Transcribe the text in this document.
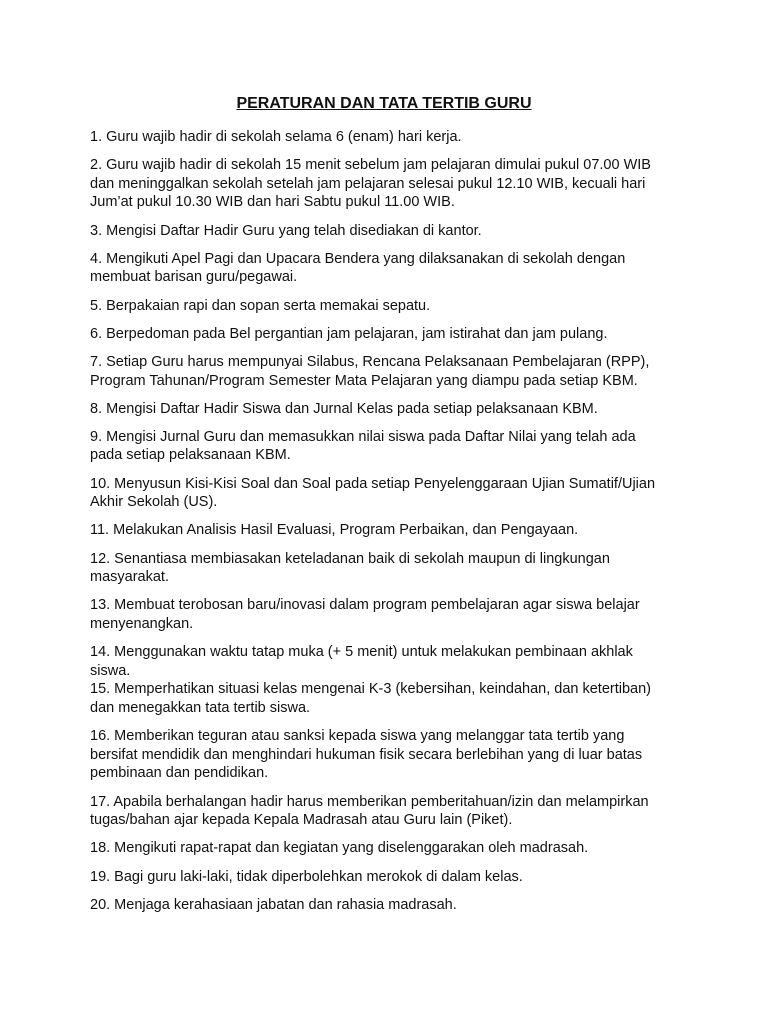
PERATURAN DAN TATA TERTIB GURU
1. Guru wajib hadir di sekolah selama 6 (enam) hari kerja.
2. Guru wajib hadir di sekolah 15 menit sebelum jam pelajaran dimulai pukul 07.00 WIB
dan meninggalkan sekolah setelah jam pelajaran selesai pukul 12.10 WIB, kecuali hari
Jum’at pukul 10.30 WIB dan hari Sabtu pukul 11.00 WIB.
3. Mengisi Daftar Hadir Guru yang telah disediakan di kantor.
4. Mengikuti Apel Pagi dan Upacara Bendera yang dilaksanakan di sekolah dengan
membuat barisan guru/pegawai.
5. Berpakaian rapi dan sopan serta memakai sepatu.
6. Berpedoman pada Bel pergantian jam pelajaran, jam istirahat dan jam pulang.
7. Setiap Guru harus mempunyai Silabus, Rencana Pelaksanaan Pembelajaran (RPP),
Program Tahunan/Program Semester Mata Pelajaran yang diampu pada setiap KBM.
8. Mengisi Daftar Hadir Siswa dan Jurnal Kelas pada setiap pelaksanaan KBM.
9. Mengisi Jurnal Guru dan memasukkan nilai siswa pada Daftar Nilai yang telah ada
pada setiap pelaksanaan KBM.
10. Menyusun Kisi-Kisi Soal dan Soal pada setiap Penyelenggaraan Ujian Sumatif/Ujian
Akhir Sekolah (US).
11. Melakukan Analisis Hasil Evaluasi, Program Perbaikan, dan Pengayaan.
12. Senantiasa membiasakan keteladanan baik di sekolah maupun di lingkungan
masyarakat.
13. Membuat terobosan baru/inovasi dalam program pembelajaran agar siswa belajar
menyenangkan.
14. Menggunakan waktu tatap muka (+ 5 menit) untuk melakukan pembinaan akhlak
siswa.
15. Memperhatikan situasi kelas mengenai K-3 (kebersihan, keindahan, dan ketertiban)
dan menegakkan tata tertib siswa.
16. Memberikan teguran atau sanksi kepada siswa yang melanggar tata tertib yang
bersifat mendidik dan menghindari hukuman fisik secara berlebihan yang di luar batas
pembinaan dan pendidikan.
17. Apabila berhalangan hadir harus memberikan pemberitahuan/izin dan melampirkan
tugas/bahan ajar kepada Kepala Madrasah atau Guru lain (Piket).
18. Mengikuti rapat-rapat dan kegiatan yang diselenggarakan oleh madrasah.
19. Bagi guru laki-laki, tidak diperbolehkan merokok di dalam kelas.
20. Menjaga kerahasiaan jabatan dan rahasia madrasah.
